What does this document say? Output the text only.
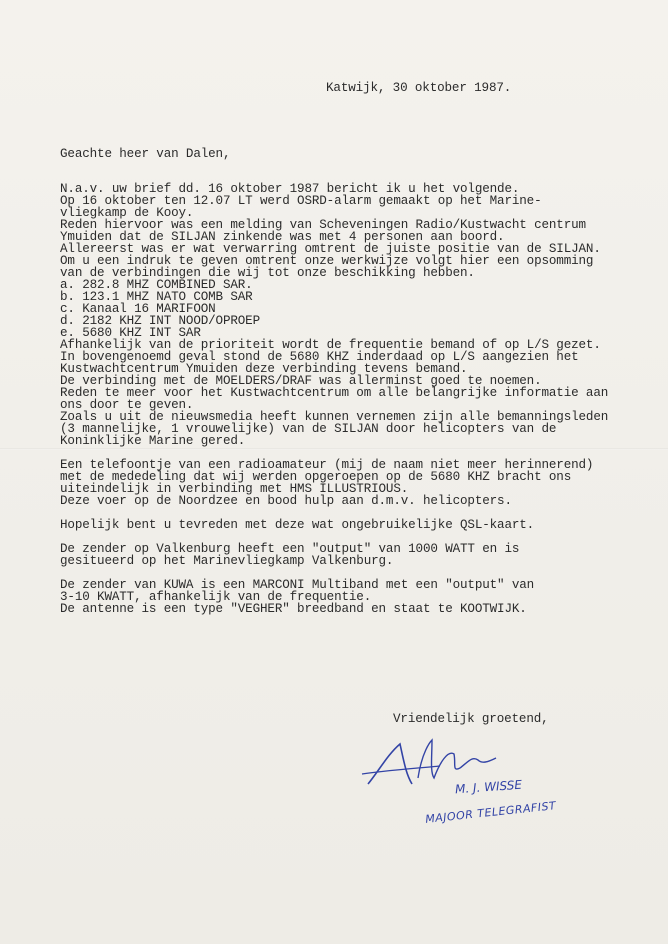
Katwijk, 30 oktober 1987.
Geachte heer van Dalen,
N.a.v. uw brief dd. 16 oktober 1987 bericht ik u het volgende.
Op 16 oktober ten 12.07 LT werd OSRD-alarm gemaakt op het Marine-
vliegkamp de Kooy.
Reden hiervoor was een melding van Scheveningen Radio/Kustwacht centrum
Ymuiden dat de SILJAN zinkende was met 4 personen aan boord.
Allereerst was er wat verwarring omtrent de juiste positie van de SILJAN.
Om u een indruk te geven omtrent onze werkwijze volgt hier een opsomming
van de verbindingen die wij tot onze beschikking hebben.
a. 282.8 MHZ COMBINED SAR.
b. 123.1 MHZ NATO COMB SAR
c. Kanaal 16 MARIFOON
d. 2182 KHZ INT NOOD/OPROEP
e. 5680 KHZ INT SAR
Afhankelijk van de prioriteit wordt de frequentie bemand of op L/S gezet.
In bovengenoemd geval stond de 5680 KHZ inderdaad op L/S aangezien het
Kustwachtcentrum Ymuiden deze verbinding tevens bemand.
De verbinding met de MOELDERS/DRAF was allerminst goed te noemen.
Reden te meer voor het Kustwachtcentrum om alle belangrijke informatie aan
ons door te geven.
Zoals u uit de nieuwsmedia heeft kunnen vernemen zijn alle bemanningsleden
(3 mannelijke, 1 vrouwelijke) van de SILJAN door helicopters van de
Koninklijke Marine gered.

Een telefoontje van een radioamateur (mij de naam niet meer herinnerend)
met de mededeling dat wij werden opgeroepen op de 5680 KHZ bracht ons
uiteindelijk in verbinding met HMS ILLUSTRIOUS.
Deze voer op de Noordzee en bood hulp aan d.m.v. helicopters.

Hopelijk bent u tevreden met deze wat ongebruikelijke QSL-kaart.

De zender op Valkenburg heeft een "output" van 1000 WATT en is
gesitueerd op het Marinevliegkamp Valkenburg.

De zender van KUWA is een MARCONI Multiband met een "output" van
3-10 KWATT, afhankelijk van de frequentie.
De antenne is een type "VEGHER" breedband en staat te KOOTWIJK.
Vriendelijk groetend,
M. J. WISSE
MAJOOR TELEGRAFIST
